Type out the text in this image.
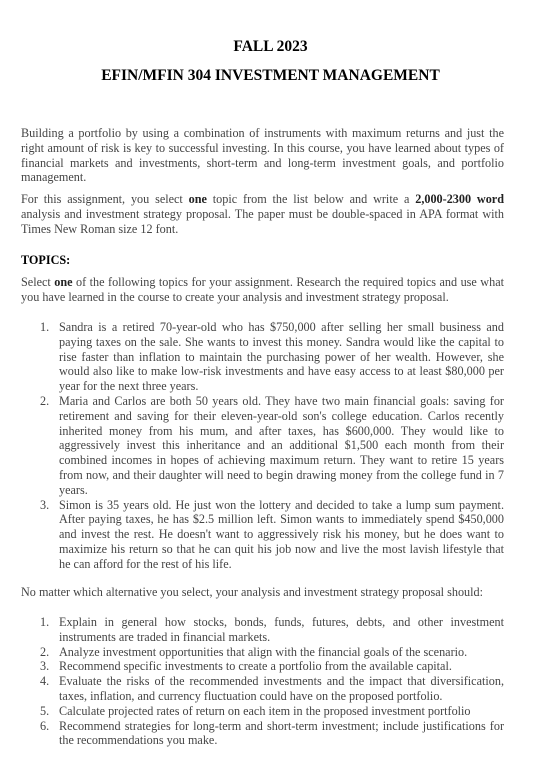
FALL 2023
EFIN/MFIN 304 INVESTMENT MANAGEMENT

Building a portfolio by using a combination of instruments with maximum returns and just the right amount of risk is key to successful investing. In this course, you have learned about types of financial markets and investments, short-term and long-term investment goals, and portfolio management.

For this assignment, you select one topic from the list below and write a 2,000-2300 word analysis and investment strategy proposal. The paper must be double-spaced in APA format with Times New Roman size 12 font.

TOPICS:

Select one of the following topics for your assignment. Research the required topics and use what you have learned in the course to create your analysis and investment strategy proposal.

1. Sandra is a retired 70-year-old who has $750,000 after selling her small business and paying taxes on the sale. She wants to invest this money. Sandra would like the capital to rise faster than inflation to maintain the purchasing power of her wealth. However, she would also like to make low-risk investments and have easy access to at least $80,000 per year for the next three years.
2. Maria and Carlos are both 50 years old. They have two main financial goals: saving for retirement and saving for their eleven-year-old son's college education. Carlos recently inherited money from his mum, and after taxes, has $600,000. They would like to aggressively invest this inheritance and an additional $1,500 each month from their combined incomes in hopes of achieving maximum return. They want to retire 15 years from now, and their daughter will need to begin drawing money from the college fund in 7 years.
3. Simon is 35 years old. He just won the lottery and decided to take a lump sum payment. After paying taxes, he has $2.5 million left. Simon wants to immediately spend $450,000 and invest the rest. He doesn't want to aggressively risk his money, but he does want to maximize his return so that he can quit his job now and live the most lavish lifestyle that he can afford for the rest of his life.

No matter which alternative you select, your analysis and investment strategy proposal should:

1. Explain in general how stocks, bonds, funds, futures, debts, and other investment instruments are traded in financial markets.
2. Analyze investment opportunities that align with the financial goals of the scenario.
3. Recommend specific investments to create a portfolio from the available capital.
4. Evaluate the risks of the recommended investments and the impact that diversification, taxes, inflation, and currency fluctuation could have on the proposed portfolio.
5. Calculate projected rates of return on each item in the proposed investment portfolio
6. Recommend strategies for long-term and short-term investment; include justifications for the recommendations you make.
